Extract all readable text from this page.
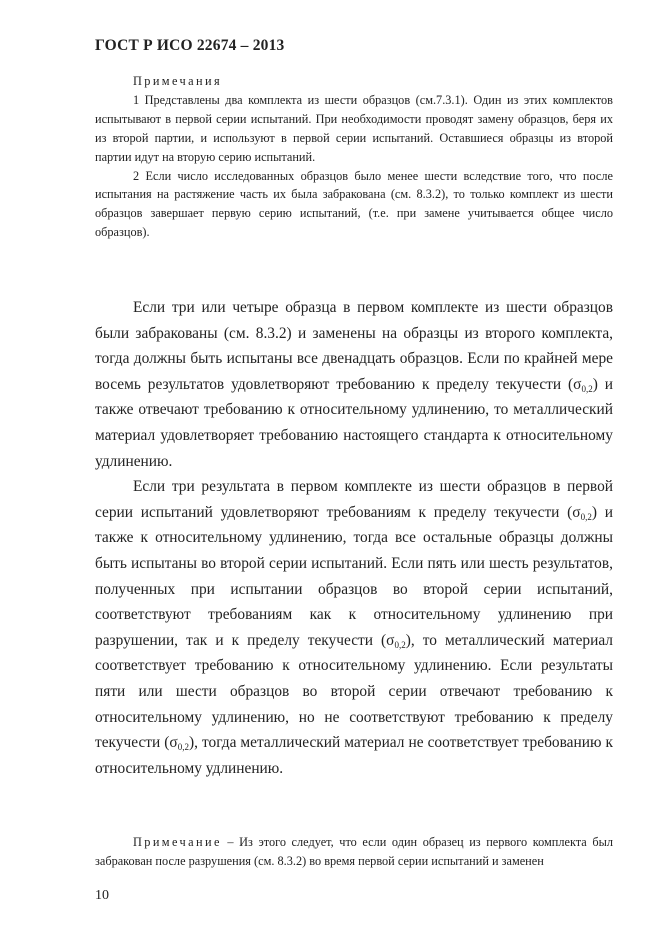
ГОСТ Р ИСО 22674 – 2013
Примечания

1 Представлены два комплекта из шести образцов (см.7.3.1). Один из этих комплектов испытывают в первой серии испытаний. При необходимости проводят замену образцов, беря их из второй партии, и используют в первой серии испытаний. Оставшиеся образцы из второй партии идут на вторую серию испытаний.

2 Если число исследованных образцов было менее шести вследствие того, что после испытания на растяжение часть их была забракована (см. 8.3.2), то только комплект из шести образцов завершает первую серию испытаний, (т.е. при замене учитывается общее число образцов).

Если три или четыре образца в первом комплекте из шести образцов были забракованы (см. 8.3.2) и заменены на образцы из второго комплекта, тогда должны быть испытаны все двенадцать образцов. Если по крайней мере восемь результатов удовлетворяют требованию к пределу текучести $(\sigma_{0,2})$ и также отвечают требованию к относительному удлинению, то металлический материал удовлетворяет требованию настоящего стандарта к относительному удлинению.

Если три результата в первом комплекте из шести образцов в первой серии испытаний удовлетворяют требованиям к пределу текучести $(\sigma_{0,2})$ и также к относительному удлинению, тогда все остальные образцы должны быть испытаны во второй серии испытаний. Если пять или шесть результатов, полученных при испытании образцов во второй серии испытаний, соответствуют требованиям как к относительному удлинению при разрушении, так и к пределу текучести $(\sigma_{0,2})$, то металлический материал соответствует требованию к относительному удлинению. Если результаты пяти или шести образцов во второй серии отвечают требованию к относительному удлинению, но не соответствуют требованию к пределу текучести $(\sigma_{0,2})$, тогда металлический материал не соответствует требованию к относительному удлинению.

Примечание – Из этого следует, что если один образец из первого комплекта был забракован после разрушения (см. 8.3.2) во время первой серии испытаний и заменен

10
